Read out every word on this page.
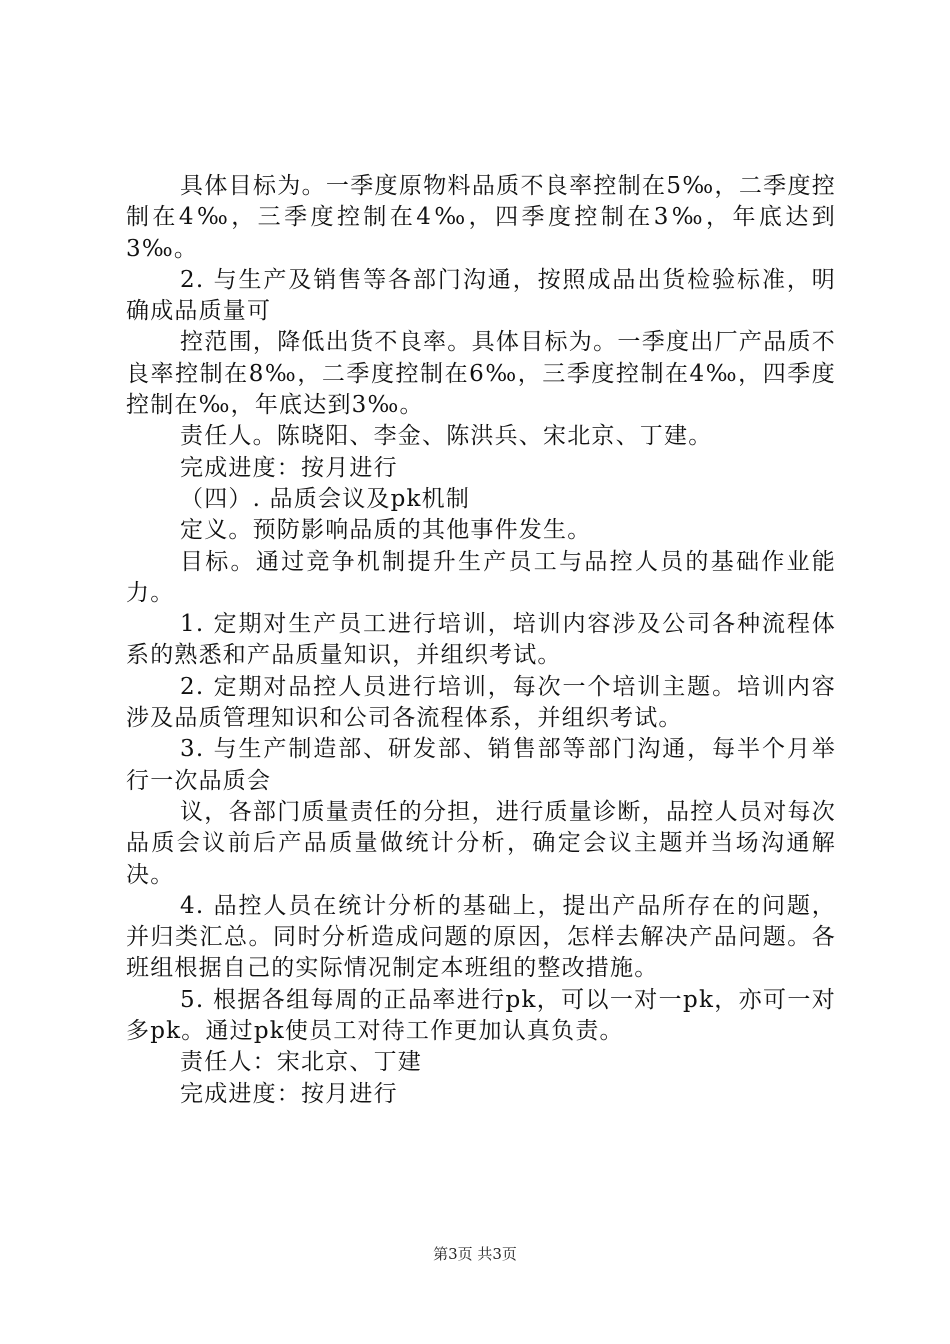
具体目标为。一季度原物料品质不良率控制在5‰，二季度控制在4‰，三季度控制在4‰，四季度控制在3‰，年底达到3‰。

2. 与生产及销售等各部门沟通，按照成品出货检验标准，明确成品质量可

控范围，降低出货不良率。具体目标为。一季度出厂产品质不良率控制在8‰，二季度控制在6‰，三季度控制在4‰，四季度控制在‰，年底达到3‰。

责任人。陈晓阳、李金、陈洪兵、宋北京、丁建。

完成进度：按月进行

（四）. 品质会议及pk机制

定义。预防影响品质的其他事件发生。

目标。通过竞争机制提升生产员工与品控人员的基础作业能力。

1. 定期对生产员工进行培训，培训内容涉及公司各种流程体系的熟悉和产品质量知识，并组织考试。

2. 定期对品控人员进行培训，每次一个培训主题。培训内容涉及品质管理知识和公司各流程体系，并组织考试。

3. 与生产制造部、研发部、销售部等部门沟通，每半个月举行一次品质会

议，各部门质量责任的分担，进行质量诊断，品控人员对每次品质会议前后产品质量做统计分析，确定会议主题并当场沟通解决。

4. 品控人员在统计分析的基础上，提出产品所存在的问题，并归类汇总。同时分析造成问题的原因，怎样去解决产品问题。各班组根据自己的实际情况制定本班组的整改措施。

5. 根据各组每周的正品率进行pk，可以一对一pk，亦可一对多pk。通过pk使员工对待工作更加认真负责。

责任人：宋北京、丁建

完成进度：按月进行

第3页 共3页
